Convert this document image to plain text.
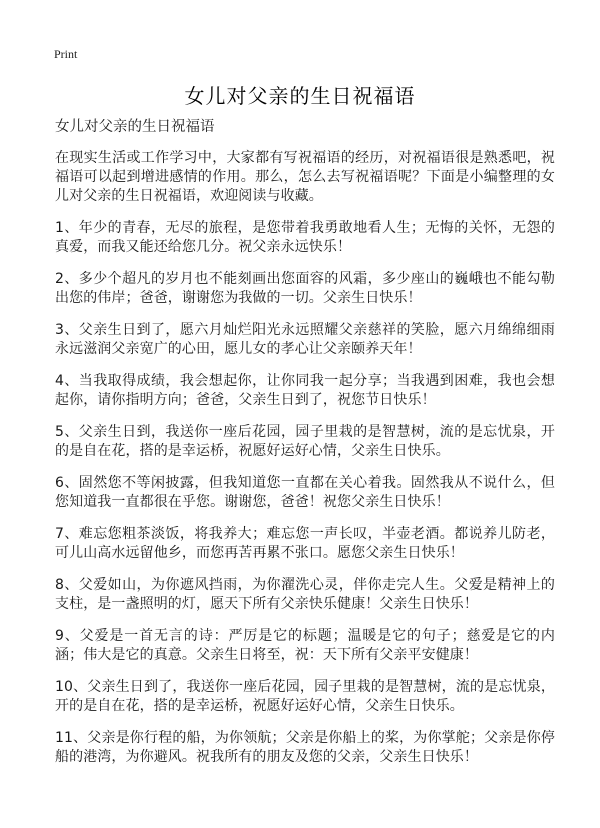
Print
女儿对父亲的生日祝福语

女儿对父亲的生日祝福语

在现实生活或工作学习中，大家都有写祝福语的经历，对祝福语很是熟悉吧，祝福语可以起到增进感情的作用。那么，怎么去写祝福语呢？下面是小编整理的女儿对父亲的生日祝福语，欢迎阅读与收藏。

1、年少的青春，无尽的旅程，是您带着我勇敢地看人生；无悔的关怀，无怨的真爱，而我又能还给您几分。祝父亲永远快乐！

2、多少个超凡的岁月也不能刻画出您面容的风霜，多少座山的巍峨也不能勾勒出您的伟岸；爸爸，谢谢您为我做的一切。父亲生日快乐！

3、父亲生日到了，愿六月灿烂阳光永远照耀父亲慈祥的笑脸，愿六月绵绵细雨永远滋润父亲宽广的心田，愿儿女的孝心让父亲颐养天年！

4、当我取得成绩，我会想起你，让你同我一起分享；当我遇到困难，我也会想起你，请你指明方向；爸爸，父亲生日到了，祝您节日快乐！

5、父亲生日到，我送你一座后花园，园子里栽的是智慧树，流的是忘忧泉，开的是自在花，搭的是幸运桥，祝愿好运好心情，父亲生日快乐。

6、固然您不等闲披露，但我知道您一直都在关心着我。固然我从不说什么，但您知道我一直都很在乎您。谢谢您，爸爸！祝您父亲生日快乐！

7、难忘您粗茶淡饭，将我养大；难忘您一声长叹，半壶老酒。都说养儿防老，可儿山高水远留他乡，而您再苦再累不张口。愿您父亲生日快乐！

8、父爱如山，为你遮风挡雨，为你濯洗心灵，伴你走完人生。父爱是精神上的支柱，是一盏照明的灯，愿天下所有父亲快乐健康！父亲生日快乐！

9、父爱是一首无言的诗：严厉是它的标题；温暖是它的句子；慈爱是它的内涵；伟大是它的真意。父亲生日将至，祝：天下所有父亲平安健康！

10、父亲生日到了，我送你一座后花园，园子里栽的是智慧树，流的是忘忧泉，开的是自在花，搭的是幸运桥，祝愿好运好心情，父亲生日快乐。

11、父亲是你行程的船，为你领航；父亲是你船上的桨，为你掌舵；父亲是你停船的港湾，为你避风。祝我所有的朋友及您的父亲，父亲生日快乐！
